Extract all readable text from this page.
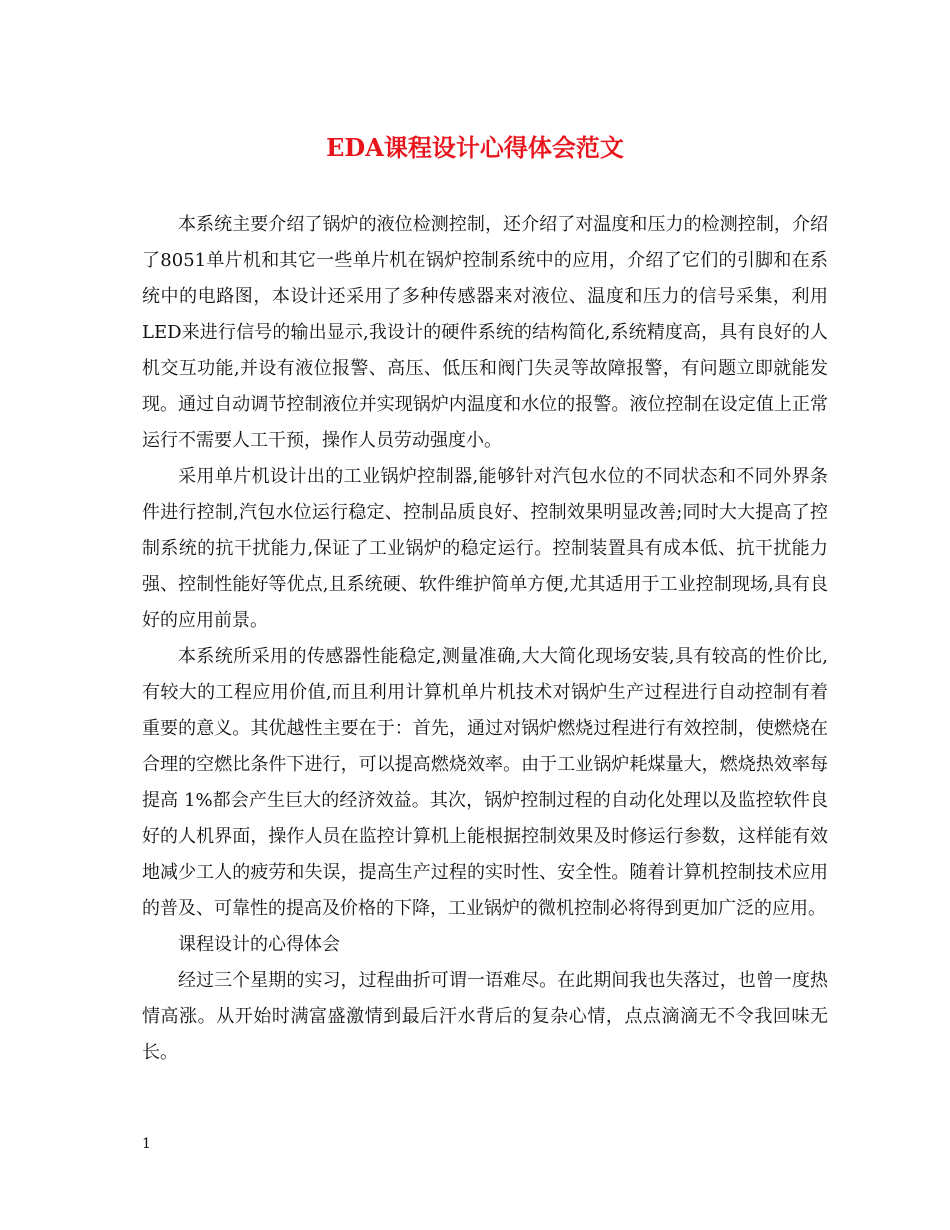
EDA课程设计心得体会范文

本系统主要介绍了锅炉的液位检测控制，还介绍了对温度和压力的检测控制，介绍了8051单片机和其它一些单片机在锅炉控制系统中的应用，介绍了它们的引脚和在系统中的电路图，本设计还采用了多种传感器来对液位、温度和压力的信号采集，利用LED来进行信号的输出显示,我设计的硬件系统的结构简化,系统精度高，具有良好的人机交互功能,并设有液位报警、高压、低压和阀门失灵等故障报警，有问题立即就能发现。通过自动调节控制液位并实现锅炉内温度和水位的报警。液位控制在设定值上正常运行不需要人工干预，操作人员劳动强度小。

采用单片机设计出的工业锅炉控制器,能够针对汽包水位的不同状态和不同外界条件进行控制,汽包水位运行稳定、控制品质良好、控制效果明显改善;同时大大提高了控制系统的抗干扰能力,保证了工业锅炉的稳定运行。控制装置具有成本低、抗干扰能力强、控制性能好等优点,且系统硬、软件维护简单方便,尤其适用于工业控制现场,具有良好的应用前景。

本系统所采用的传感器性能稳定,测量准确,大大简化现场安装,具有较高的性价比,有较大的工程应用价值,而且利用计算机单片机技术对锅炉生产过程进行自动控制有着重要的意义。其优越性主要在于：首先，通过对锅炉燃烧过程进行有效控制，使燃烧在合理的空燃比条件下进行，可以提高燃烧效率。由于工业锅炉耗煤量大，燃烧热效率每提高 1%都会产生巨大的经济效益。其次，锅炉控制过程的自动化处理以及监控软件良好的人机界面，操作人员在监控计算机上能根据控制效果及时修运行参数，这样能有效地减少工人的疲劳和失误，提高生产过程的实时性、安全性。随着计算机控制技术应用的普及、可靠性的提高及价格的下降，工业锅炉的微机控制必将得到更加广泛的应用。

课程设计的心得体会

经过三个星期的实习，过程曲折可谓一语难尽。在此期间我也失落过，也曾一度热情高涨。从开始时满富盛激情到最后汗水背后的复杂心情，点点滴滴无不令我回味无长。

1
